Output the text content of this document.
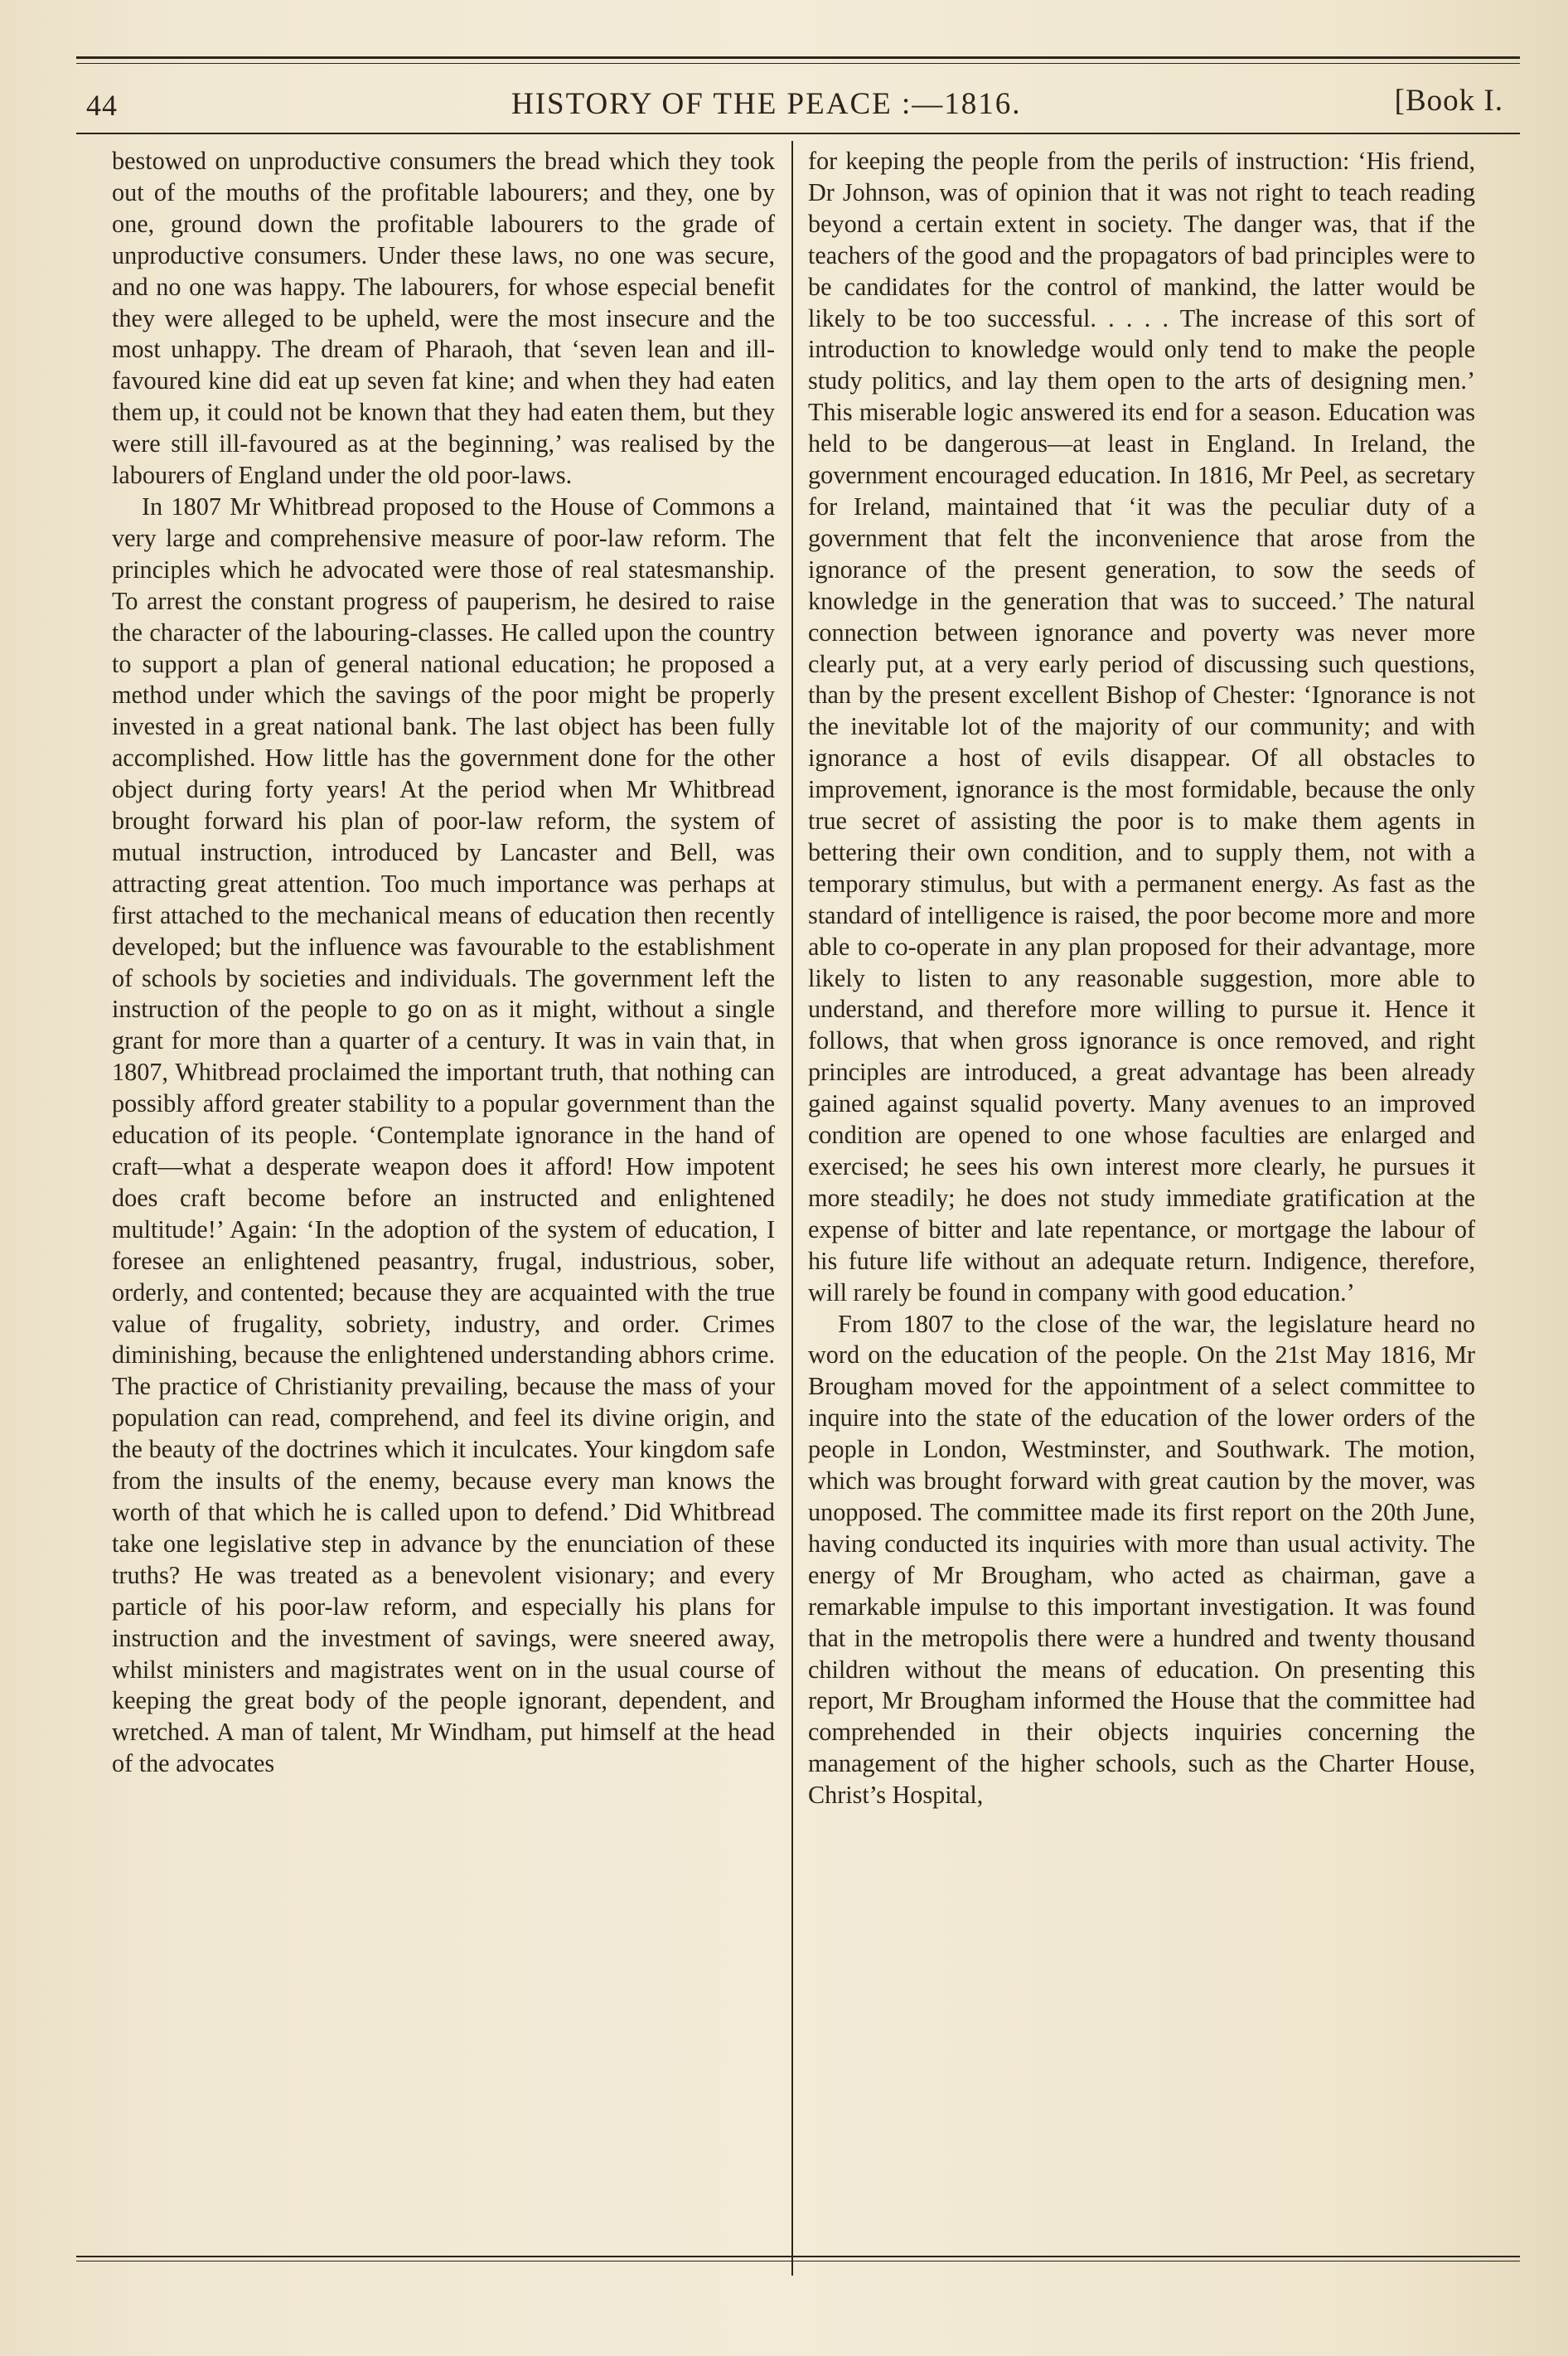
44	HISTORY OF THE PEACE :—1816.	[Book I.

bestowed on unproductive consumers the bread which they took out of the mouths of the profitable labourers; and they, one by one, ground down the profitable labourers to the grade of unproductive consumers. Under these laws, no one was secure, and no one was happy. The labourers, for whose especial benefit they were alleged to be upheld, were the most insecure and the most unhappy. The dream of Pharaoh, that ‘seven lean and ill-favoured kine did eat up seven fat kine; and when they had eaten them up, it could not be known that they had eaten them, but they were still ill-favoured as at the beginning,’ was realised by the labourers of England under the old poor-laws.

In 1807 Mr Whitbread proposed to the House of Commons a very large and comprehensive measure of poor-law reform. The principles which he advocated were those of real statesmanship. To arrest the constant progress of pauperism, he desired to raise the character of the labouring-classes. He called upon the country to support a plan of general national education; he proposed a method under which the savings of the poor might be properly invested in a great national bank. The last object has been fully accomplished. How little has the government done for the other object during forty years! At the period when Mr Whitbread brought forward his plan of poor-law reform, the system of mutual instruction, introduced by Lancaster and Bell, was attracting great attention. Too much importance was perhaps at first attached to the mechanical means of education then recently developed; but the influence was favourable to the establishment of schools by societies and individuals. The government left the instruction of the people to go on as it might, without a single grant for more than a quarter of a century. It was in vain that, in 1807, Whitbread proclaimed the important truth, that nothing can possibly afford greater stability to a popular government than the education of its people. ‘Contemplate ignorance in the hand of craft—what a desperate weapon does it afford! How impotent does craft become before an instructed and enlightened multitude!’ Again: ‘In the adoption of the system of education, I foresee an enlightened peasantry, frugal, industrious, sober, orderly, and contented; because they are acquainted with the true value of frugality, sobriety, industry, and order. Crimes diminishing, because the enlightened understanding abhors crime. The practice of Christianity prevailing, because the mass of your population can read, comprehend, and feel its divine origin, and the beauty of the doctrines which it inculcates. Your kingdom safe from the insults of the enemy, because every man knows the worth of that which he is called upon to defend.’ Did Whitbread take one legislative step in advance by the enunciation of these truths? He was treated as a benevolent visionary; and every particle of his poor-law reform, and especially his plans for instruction and the investment of savings, were sneered away, whilst ministers and magistrates went on in the usual course of keeping the great body of the people ignorant, dependent, and wretched. A man of talent, Mr Windham, put himself at the head of the advocates

for keeping the people from the perils of instruction: ‘His friend, Dr Johnson, was of opinion that it was not right to teach reading beyond a certain extent in society. The danger was, that if the teachers of the good and the propagators of bad principles were to be candidates for the control of mankind, the latter would be likely to be too successful. . . . . The increase of this sort of introduction to knowledge would only tend to make the people study politics, and lay them open to the arts of designing men.’ This miserable logic answered its end for a season. Education was held to be dangerous—at least in England. In Ireland, the government encouraged education. In 1816, Mr Peel, as secretary for Ireland, maintained that ‘it was the peculiar duty of a government that felt the inconvenience that arose from the ignorance of the present generation, to sow the seeds of knowledge in the generation that was to succeed.’ The natural connection between ignorance and poverty was never more clearly put, at a very early period of discussing such questions, than by the present excellent Bishop of Chester: ‘Ignorance is not the inevitable lot of the majority of our community; and with ignorance a host of evils disappear. Of all obstacles to improvement, ignorance is the most formidable, because the only true secret of assisting the poor is to make them agents in bettering their own condition, and to supply them, not with a temporary stimulus, but with a permanent energy. As fast as the standard of intelligence is raised, the poor become more and more able to co-operate in any plan proposed for their advantage, more likely to listen to any reasonable suggestion, more able to understand, and therefore more willing to pursue it. Hence it follows, that when gross ignorance is once removed, and right principles are introduced, a great advantage has been already gained against squalid poverty. Many avenues to an improved condition are opened to one whose faculties are enlarged and exercised; he sees his own interest more clearly, he pursues it more steadily; he does not study immediate gratification at the expense of bitter and late repentance, or mortgage the labour of his future life without an adequate return. Indigence, therefore, will rarely be found in company with good education.’

From 1807 to the close of the war, the legislature heard no word on the education of the people. On the 21st May 1816, Mr Brougham moved for the appointment of a select committee to inquire into the state of the education of the lower orders of the people in London, Westminster, and Southwark. The motion, which was brought forward with great caution by the mover, was unopposed. The committee made its first report on the 20th June, having conducted its inquiries with more than usual activity. The energy of Mr Brougham, who acted as chairman, gave a remarkable impulse to this important investigation. It was found that in the metropolis there were a hundred and twenty thousand children without the means of education. On presenting this report, Mr Brougham informed the House that the committee had comprehended in their objects inquiries concerning the management of the higher schools, such as the Charter House, Christ’s Hospital,
